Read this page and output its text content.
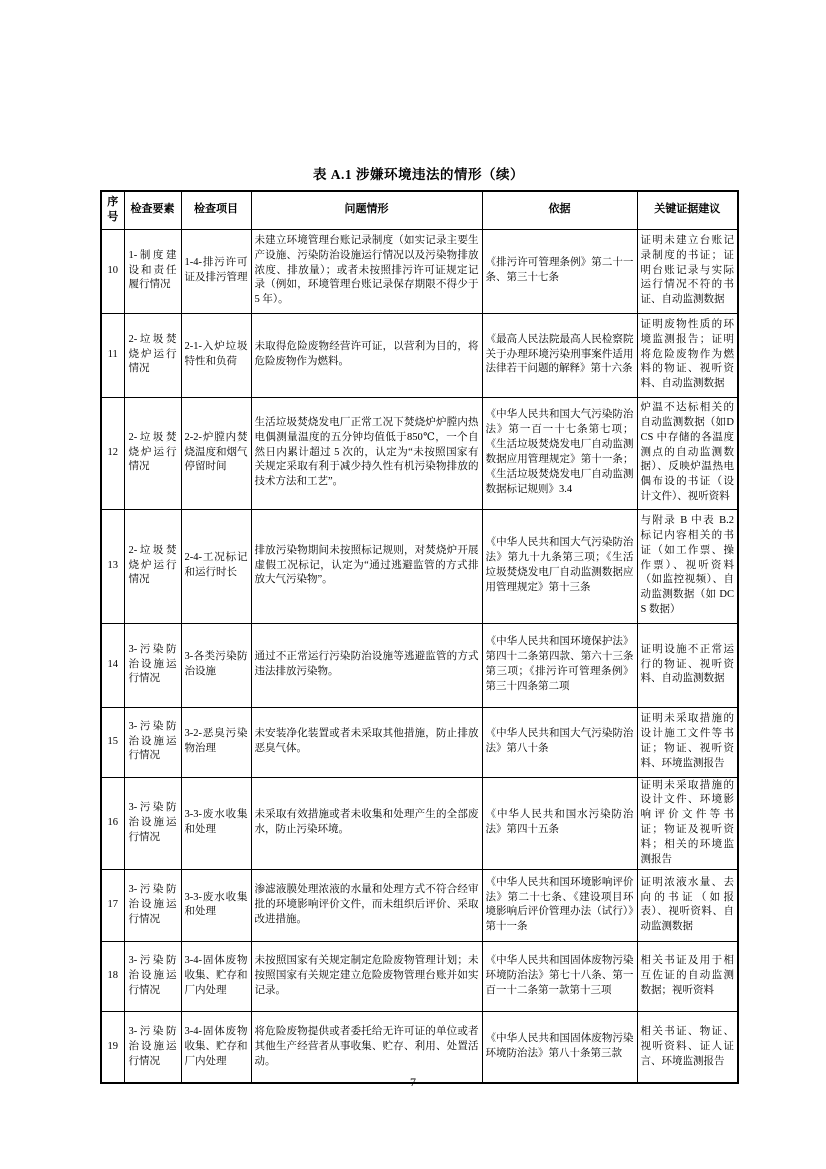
表 A.1 涉嫌环境违法的情形（续）
序号	检查要素	检查项目	问题情形	依据	关键证据建议
10	1-制度建设和责任履行情况	1-4-排污许可证及排污管理	未建立环境管理台账记录制度（如实记录主要生产设施、污染防治设施运行情况以及污染物排放浓度、排放量）；或者未按照排污许可证规定记录（例如，环境管理台账记录保存期限不得少于 5 年）。	《排污许可管理条例》第二十一条、第三十七条	证明未建立台账记录制度的书证；证明台账记录与实际运行情况不符的书证、自动监测数据
11	2-垃圾焚烧炉运行情况	2-1-入炉垃圾特性和负荷	未取得危险废物经营许可证，以营利为目的，将危险废物作为燃料。	《最高人民法院最高人民检察院关于办理环境污染刑事案件适用法律若干问题的解释》第十六条	证明废物性质的环境监测报告；证明将危险废物作为燃料的物证、视听资料、自动监测数据
12	2-垃圾焚烧炉运行情况	2-2-炉膛内焚烧温度和烟气停留时间	生活垃圾焚烧发电厂正常工况下焚烧炉炉膛内热电偶测量温度的五分钟均值低于850℃，一个自然日内累计超过 5 次的，认定为“未按照国家有关规定采取有利于减少持久性有机污染物排放的技术方法和工艺”。	《中华人民共和国大气污染防治法》第一百一十七条第七项；《生活垃圾焚烧发电厂自动监测数据应用管理规定》第十一条；《生活垃圾焚烧发电厂自动监测数据标记规则》3.4	炉温不达标相关的自动监测数据（如DCS 中存储的各温度测点的自动监测数据）、反映炉温热电偶布设的书证（设计文件）、视听资料
13	2-垃圾焚烧炉运行情况	2-4-工况标记和运行时长	排放污染物期间未按照标记规则，对焚烧炉开展虚假工况标记，认定为“通过逃避监管的方式排放大气污染物”。	《中华人民共和国大气污染防治法》第九十九条第三项；《生活垃圾焚烧发电厂自动监测数据应用管理规定》第十三条	与附录 B 中表 B.2 标记内容相关的书证（如工作票、操作票）、视听资料（如监控视频）、自动监测数据（如 DCS 数据）
14	3-污染防治设施运行情况	3-各类污染防治设施	通过不正常运行污染防治设施等逃避监管的方式违法排放污染物。	《中华人民共和国环境保护法》第四十二条第四款、第六十三条第三项；《排污许可管理条例》第三十四条第二项	证明设施不正常运行的物证、视听资料、自动监测数据
15	3-污染防治设施运行情况	3-2-恶臭污染物治理	未安装净化装置或者未采取其他措施，防止排放恶臭气体。	《中华人民共和国大气污染防治法》第八十条	证明未采取措施的设计施工文件等书证；物证、视听资料、环境监测报告
16	3-污染防治设施运行情况	3-3-废水收集和处理	未采取有效措施或者未收集和处理产生的全部废水，防止污染环境。	《中华人民共和国水污染防治法》第四十五条	证明未采取措施的设计文件、环境影响评价文件等书证；物证及视听资料；相关的环境监测报告
17	3-污染防治设施运行情况	3-3-废水收集和处理	渗滤液膜处理浓液的水量和处理方式不符合经审批的环境影响评价文件，而未组织后评价、采取改进措施。	《中华人民共和国环境影响评价法》第二十七条、《建设项目环境影响后评价管理办法（试行）》第十一条	证明浓液水量、去向的书证（如报表）、视听资料、自动监测数据
18	3-污染防治设施运行情况	3-4-固体废物收集、贮存和厂内处理	未按照国家有关规定制定危险废物管理计划；未按照国家有关规定建立危险废物管理台账并如实记录。	《中华人民共和国固体废物污染环境防治法》第七十八条、第一百一十二条第一款第十三项	相关书证及用于相互佐证的自动监测数据；视听资料
19	3-污染防治设施运行情况	3-4-固体废物收集、贮存和厂内处理	将危险废物提供或者委托给无许可证的单位或者其他生产经营者从事收集、贮存、利用、处置活动。	《中华人民共和国固体废物污染环境防治法》第八十条第三款	相关书证、物证、视听资料、证人证言、环境监测报告
7
